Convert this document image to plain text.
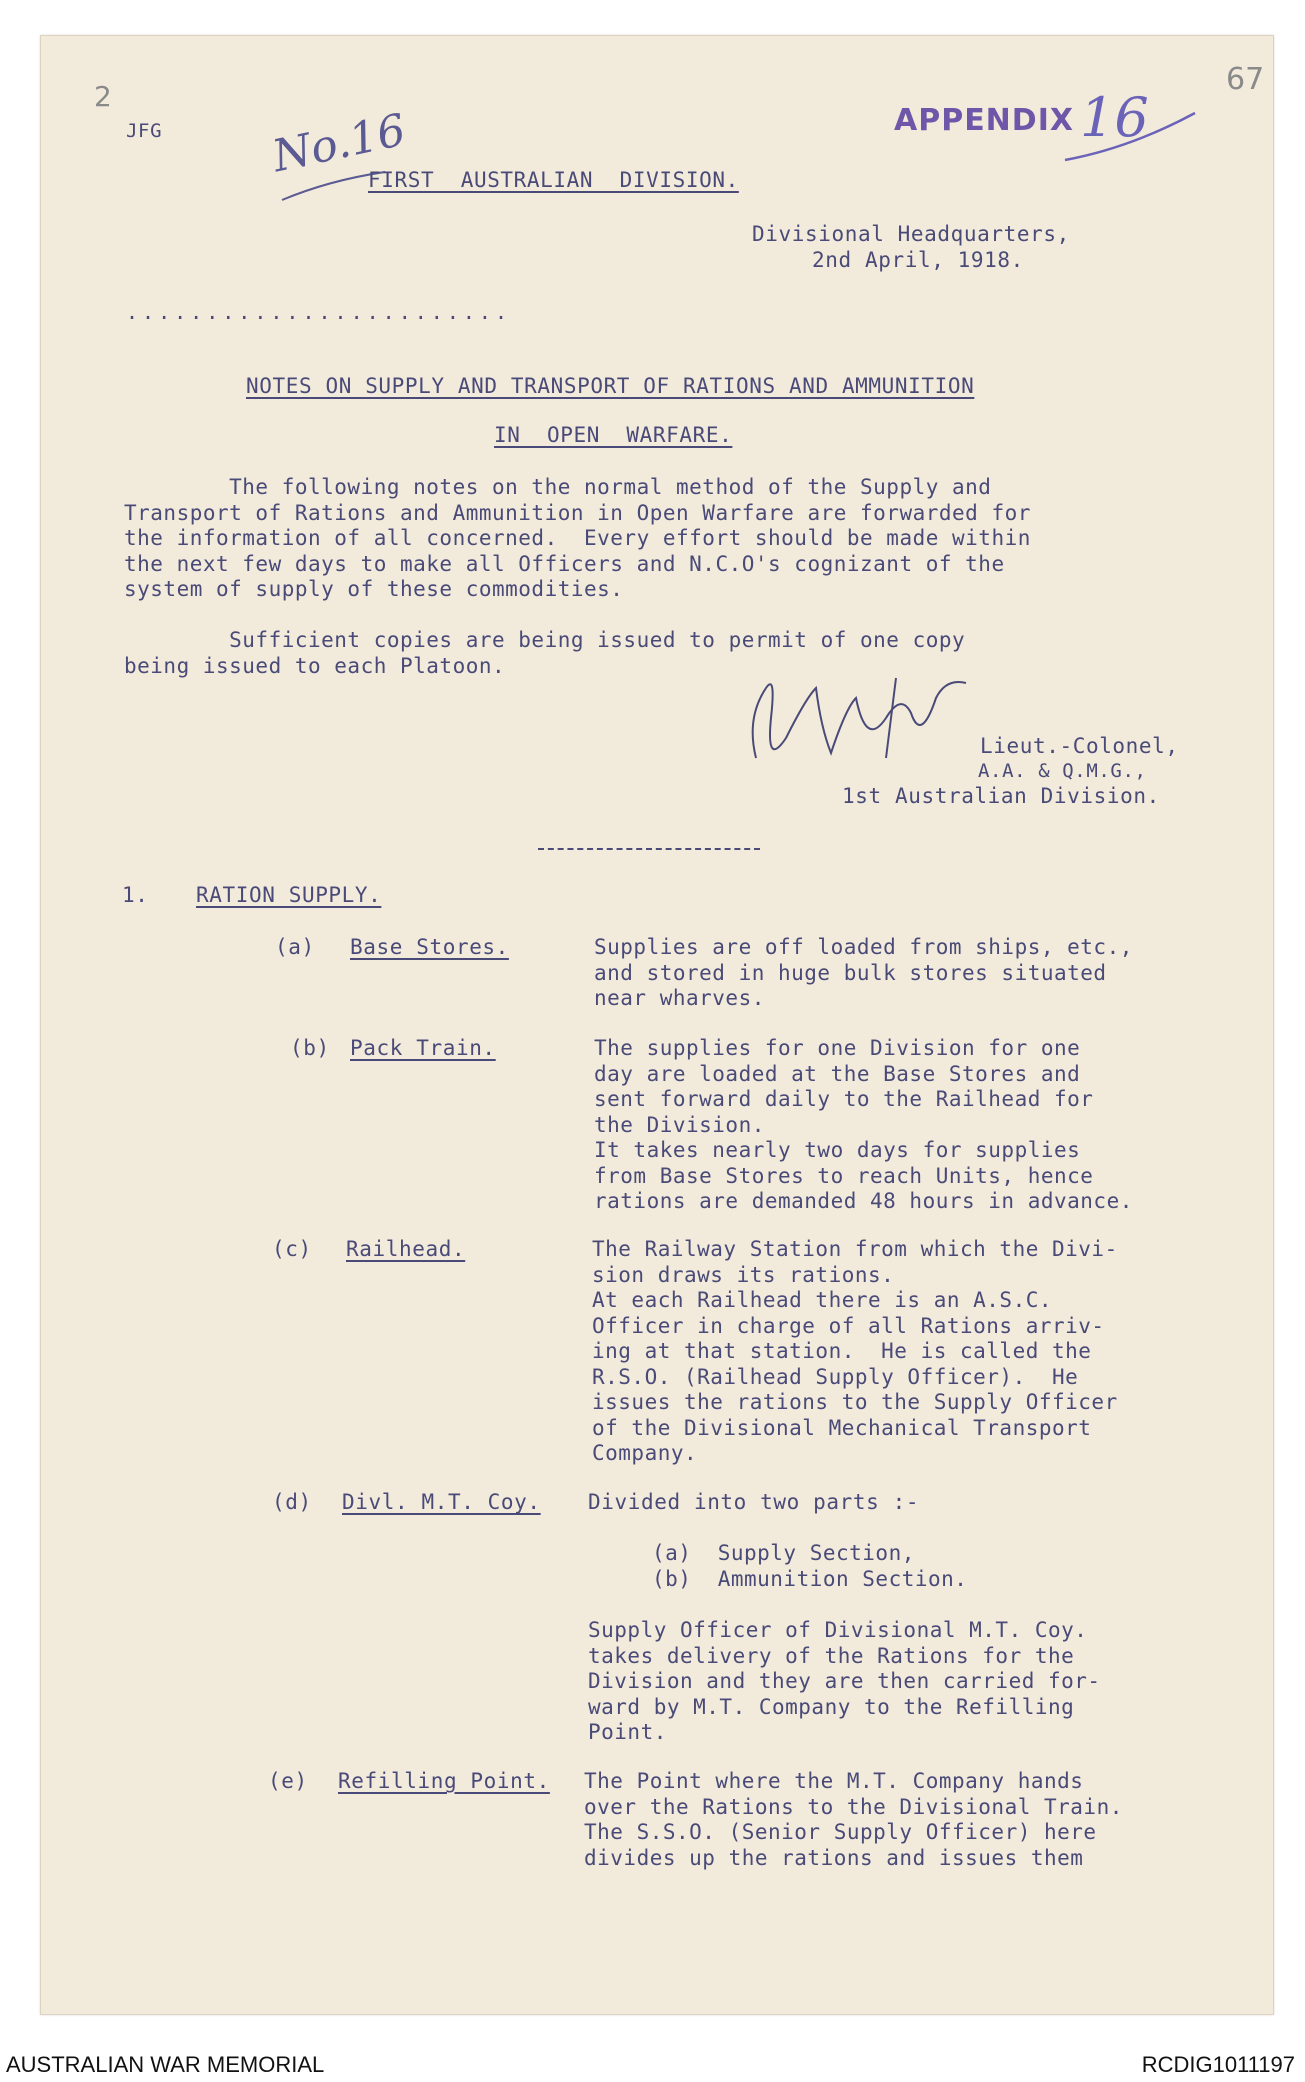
2
JFG No.16	APPENDIX 16
67
FIRST  AUSTRALIAN  DIVISION.
Divisional Headquarters,
2nd April, 1918.
........................
NOTES ON SUPPLY AND TRANSPORT OF RATIONS AND AMMUNITION
IN  OPEN  WARFARE.
The following notes on the normal method of the Supply and
Transport of Rations and Ammunition in Open Warfare are forwarded for
the information of all concerned.  Every effort should be made within
the next few days to make all Officers and N.C.O's cognizant of the
system of supply of these commodities.
Sufficient copies are being issued to permit of one copy
being issued to each Platoon.
Lieut.-Colonel,
A.A. & Q.M.G.,
1st Australian Division.
1. RATION SUPPLY.
(a) Base Stores.	Supplies are off loaded from ships, etc.,
and stored in huge bulk stores situated
near wharves.
(b) Pack Train.	The supplies for one Division for one
day are loaded at the Base Stores and
sent forward daily to the Railhead for
the Division.
It takes nearly two days for supplies
from Base Stores to reach Units, hence
rations are demanded 48 hours in advance.
(c) Railhead.	The Railway Station from which the Divi-
sion draws its rations.
At each Railhead there is an A.S.C.
Officer in charge of all Rations arriv-
ing at that station.  He is called the
R.S.O. (Railhead Supply Officer).  He
issues the rations to the Supply Officer
of the Divisional Mechanical Transport
Company.
(d) Divl. M.T. Coy. Divided into two parts :-
(a)  Supply Section,
(b)  Ammunition Section.
Supply Officer of Divisional M.T. Coy.
takes delivery of the Rations for the
Division and they are then carried for-
ward by M.T. Company to the Refilling
Point.
(e) Refilling Point. The Point where the M.T. Company hands
over the Rations to the Divisional Train.
The S.S.O. (Senior Supply Officer) here
divides up the rations and issues them
AUSTRALIAN WAR MEMORIAL	RCDIG1011197
